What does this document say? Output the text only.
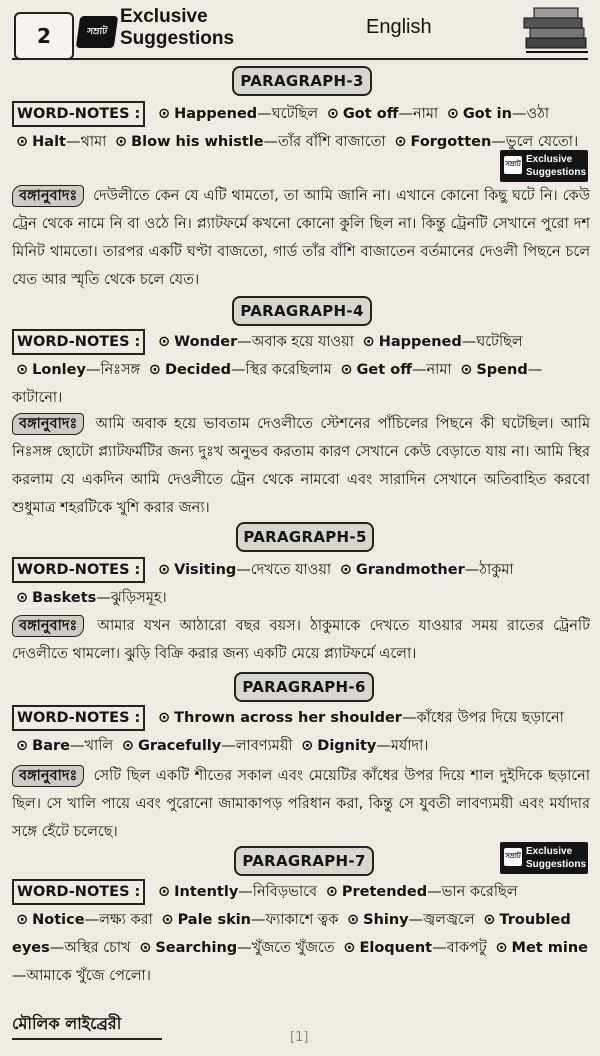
2	সম্রাট
Exclusive
Suggestions
English
PARAGRAPH-3
WORD-NOTES : ⊙ Happened—ঘটেছিল ⊙ Got off—নামা ⊙ Got in—ওঠা ⊙ Halt—থামা ⊙ Blow his whistle—তাঁর বাঁশি বাজাতো ⊙ Forgotten—ভুলে যেতো।
সম্রাট Exclusive
Suggestions
বঙ্গানুবাদঃ দেউলীতে কেন যে এটি থামতো, তা আমি জানি না। এখানে কোনো কিছু ঘটে নি। কেউ ট্রেন থেকে নামে নি বা ওঠে নি। প্ল্যাটফর্মে কখনো কোনো কুলি ছিল না। কিন্তু ট্রেনটি সেখানে পুরো দশ মিনিট থামতো। তারপর একটি ঘণ্টা বাজতো, গার্ড তাঁর বাঁশি বাজাতেন বর্তমানের দেওলী পিছনে চলে যেত আর স্মৃতি থেকে চলে যেত।
PARAGRAPH-4
WORD-NOTES : ⊙ Wonder—অবাক হয়ে যাওয়া ⊙ Happened—ঘটেছিল ⊙ Lonley—নিঃসঙ্গ ⊙ Decided—স্থির করেছিলাম ⊙ Get off—নামা ⊙ Spend—কাটানো।
বঙ্গানুবাদঃ আমি অবাক হয়ে ভাবতাম দেওলীতে স্টেশনের পাঁচিলের পিছনে কী ঘটেছিল। আমি নিঃসঙ্গ ছোটো প্ল্যাটফর্মটির জন্য দুঃখ অনুভব করতাম কারণ সেখানে কেউ বেড়াতে যায় না। আমি স্থির করলাম যে একদিন আমি দেওলীতে ট্রেন থেকে নামবো এবং সারাদিন সেখানে অতিবাহিত করবো শুধুমাত্র শহরটিকে খুশি করার জন্য।
PARAGRAPH-5
WORD-NOTES : ⊙ Visiting—দেখতে যাওয়া ⊙ Grandmother—ঠাকুমা ⊙ Baskets—ঝুড়িসমূহ।
বঙ্গানুবাদঃ আমার যখন আঠারো বছর বয়স। ঠাকুমাকে দেখতে যাওয়ার সময় রাতের ট্রেনটি দেওলীতে থামলো। ঝুড়ি বিক্রি করার জন্য একটি মেয়ে প্ল্যাটফর্মে এলো।
PARAGRAPH-6
WORD-NOTES : ⊙ Thrown across her shoulder—কাঁধের উপর দিয়ে ছড়ানো ⊙ Bare—খালি ⊙ Gracefully—লাবণ্যময়ী ⊙ Dignity—মর্যাদা।
বঙ্গানুবাদঃ সেটি ছিল একটি শীতের সকাল এবং মেয়েটির কাঁধের উপর দিয়ে শাল দুইদিকে ছড়ানো ছিল। সে খালি পায়ে এবং পুরোনো জামাকাপড় পরিধান করা, কিন্তু সে যুবতী লাবণ্যময়ী এবং মর্যাদার সঙ্গে হেঁটে চলেছে।
PARAGRAPH-7	সম্রাট Exclusive
Suggestions
WORD-NOTES : ⊙ Intently—নিবিড়ভাবে ⊙ Pretended—ভান করেছিল ⊙ Notice—লক্ষ্য করা ⊙ Pale skin—ফ্যাকাশে ত্বক ⊙ Shiny—জ্বলজ্বলে ⊙ Troubled eyes—অস্থির চোখ ⊙ Searching—খুঁজতে খুঁজতে ⊙ Eloquent—বাকপটু ⊙ Met mine—আমাকে খুঁজে পেলো।
মৌলিক লাইব্রেরী
[1]
